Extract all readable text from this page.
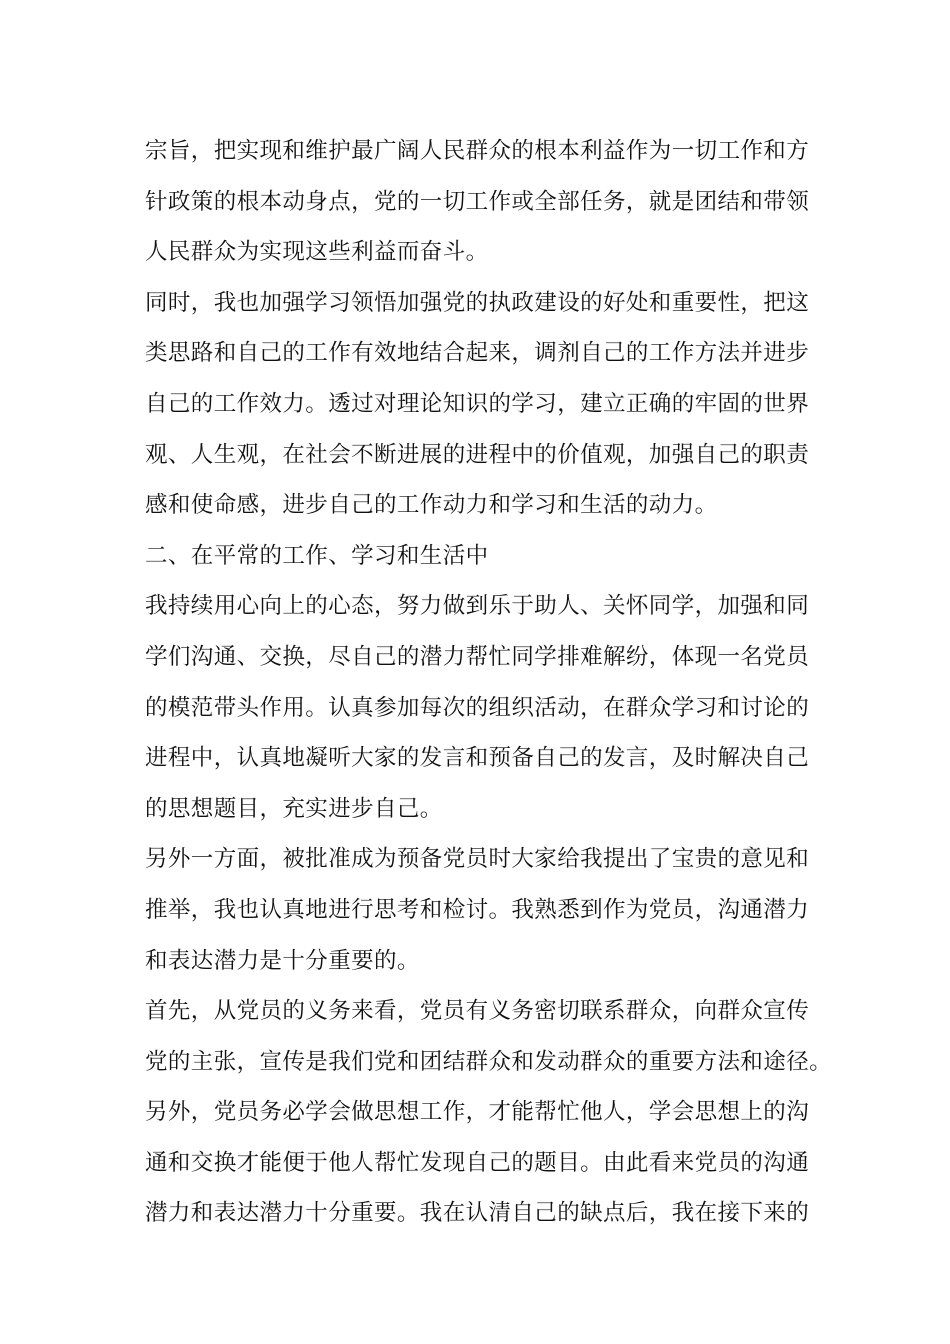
宗旨，把实现和维护最广阔人民群众的根本利益作为一切工作和方
针政策的根本动身点，党的一切工作或全部任务，就是团结和带领
人民群众为实现这些利益而奋斗。
同时，我也加强学习领悟加强党的执政建设的好处和重要性，把这
类思路和自己的工作有效地结合起来，调剂自己的工作方法并进步
自己的工作效力。透过对理论知识的学习，建立正确的牢固的世界
观、人生观，在社会不断进展的进程中的价值观，加强自己的职责
感和使命感，进步自己的工作动力和学习和生活的动力。
二、在平常的工作、学习和生活中
我持续用心向上的心态，努力做到乐于助人、关怀同学，加强和同
学们沟通、交换，尽自己的潜力帮忙同学排难解纷，体现一名党员
的模范带头作用。认真参加每次的组织活动，在群众学习和讨论的
进程中，认真地凝听大家的发言和预备自己的发言，及时解决自己
的思想题目，充实进步自己。
另外一方面，被批准成为预备党员时大家给我提出了宝贵的意见和
推举，我也认真地进行思考和检讨。我熟悉到作为党员，沟通潜力
和表达潜力是十分重要的。
首先，从党员的义务来看，党员有义务密切联系群众，向群众宣传
党的主张，宣传是我们党和团结群众和发动群众的重要方法和途径。
另外，党员务必学会做思想工作，才能帮忙他人，学会思想上的沟
通和交换才能便于他人帮忙发现自己的题目。由此看来党员的沟通
潜力和表达潜力十分重要。我在认清自己的缺点后，我在接下来的
